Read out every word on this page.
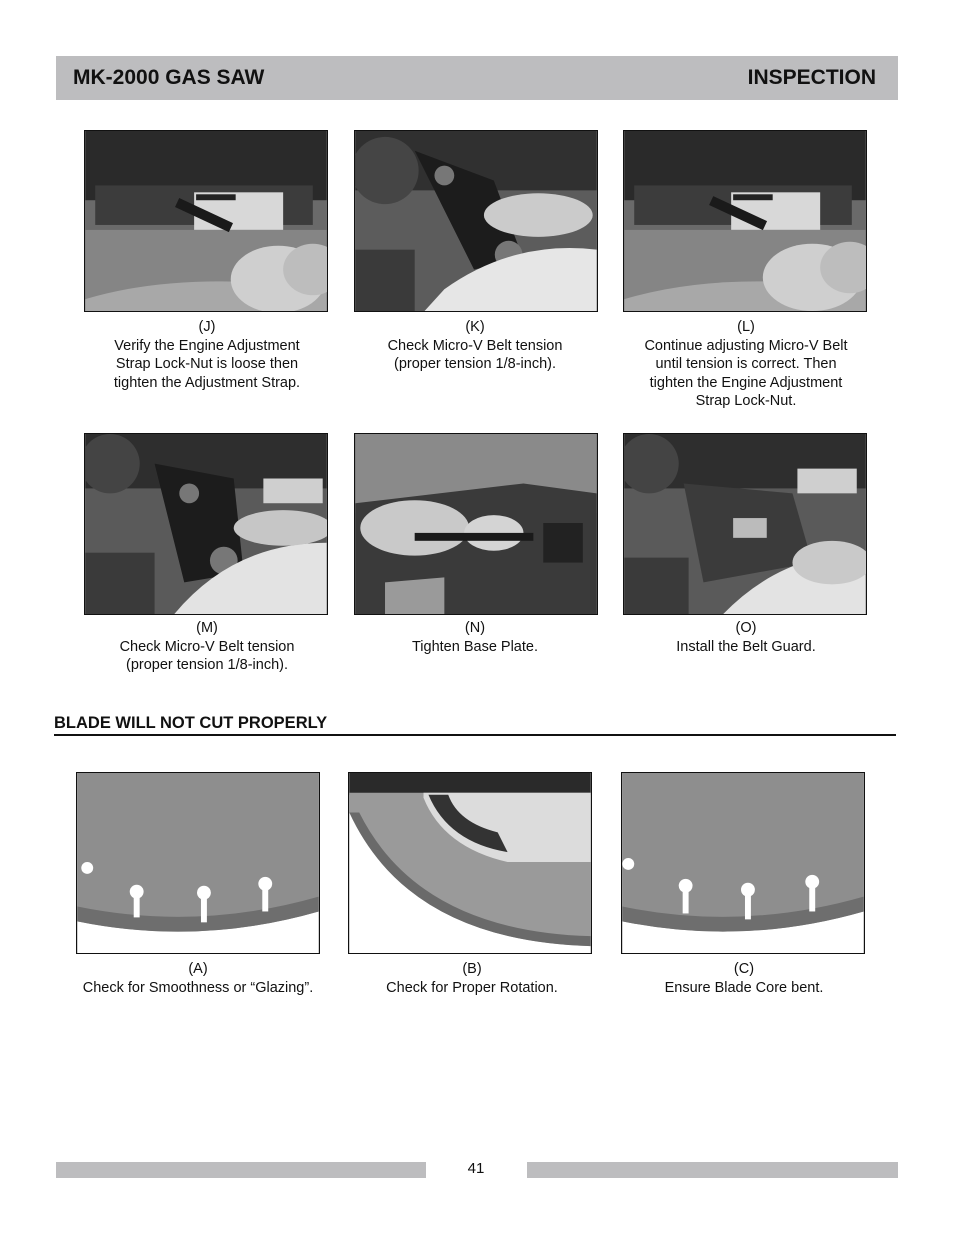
MK-2000 GAS SAW	INSPECTION
(J)
Verify the Engine Adjustment
Strap Lock-Nut is loose then
tighten the Adjustment Strap.
(K)
Check Micro-V Belt tension
(proper tension 1/8-inch).
(L)
Continue adjusting Micro-V Belt
until tension is correct. Then
tighten the Engine Adjustment
Strap Lock-Nut.
(M)
Check Micro-V Belt tension
(proper tension 1/8-inch).
(N)
Tighten Base Plate.
(O)
Install the Belt Guard.
BLADE WILL NOT CUT PROPERLY
(A)
Check for Smoothness or “Glazing”.
(B)
Check for Proper Rotation.
(C)
Ensure Blade Core bent.
41
